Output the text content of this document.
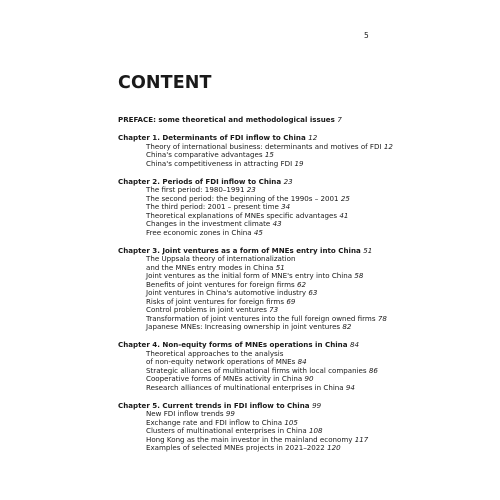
5
CONTENT
PREFACE: some theoretical and methodological issues 7
Chapter 1. Determinants of FDI inflow to China 12
Theory of international business: determinants and motives of FDI 12
China's comparative advantages 15
China's competitiveness in attracting FDI 19
Chapter 2. Periods of FDI inflow to China 23
The first period: 1980–1991 23
The second period: the beginning of the 1990s – 2001 25
The third period: 2001 – present time 34
Theoretical explanations of MNEs specific advantages 41
Changes in the investment climate 43
Free economic zones in China 45
Chapter 3. Joint ventures as a form of MNEs entry into China 51
The Uppsala theory of internationalization
and the MNEs entry modes in China 51
Joint ventures as the initial form of MNE's entry into China 58
Benefits of joint ventures for foreign firms 62
Joint ventures in China's automotive industry 63
Risks of joint ventures for foreign firms 69
Control problems in joint ventures 73
Transformation of joint ventures into the full foreign owned firms 78
Japanese MNEs: Increasing ownership in joint ventures 82
Chapter 4. Non-equity forms of MNEs operations in China 84
Theoretical approaches to the analysis
of non-equity network operations of MNEs 84
Strategic alliances of multinational firms with local companies 86
Cooperative forms of MNEs activity in China 90
Research alliances of multinational enterprises in China 94
Chapter 5. Current trends in FDI inflow to China 99
New FDI inflow trends 99
Exchange rate and FDI inflow to China 105
Clusters of multinational enterprises in China 108
Hong Kong as the main investor in the mainland economy 117
Examples of selected MNEs projects in 2021–2022 120
